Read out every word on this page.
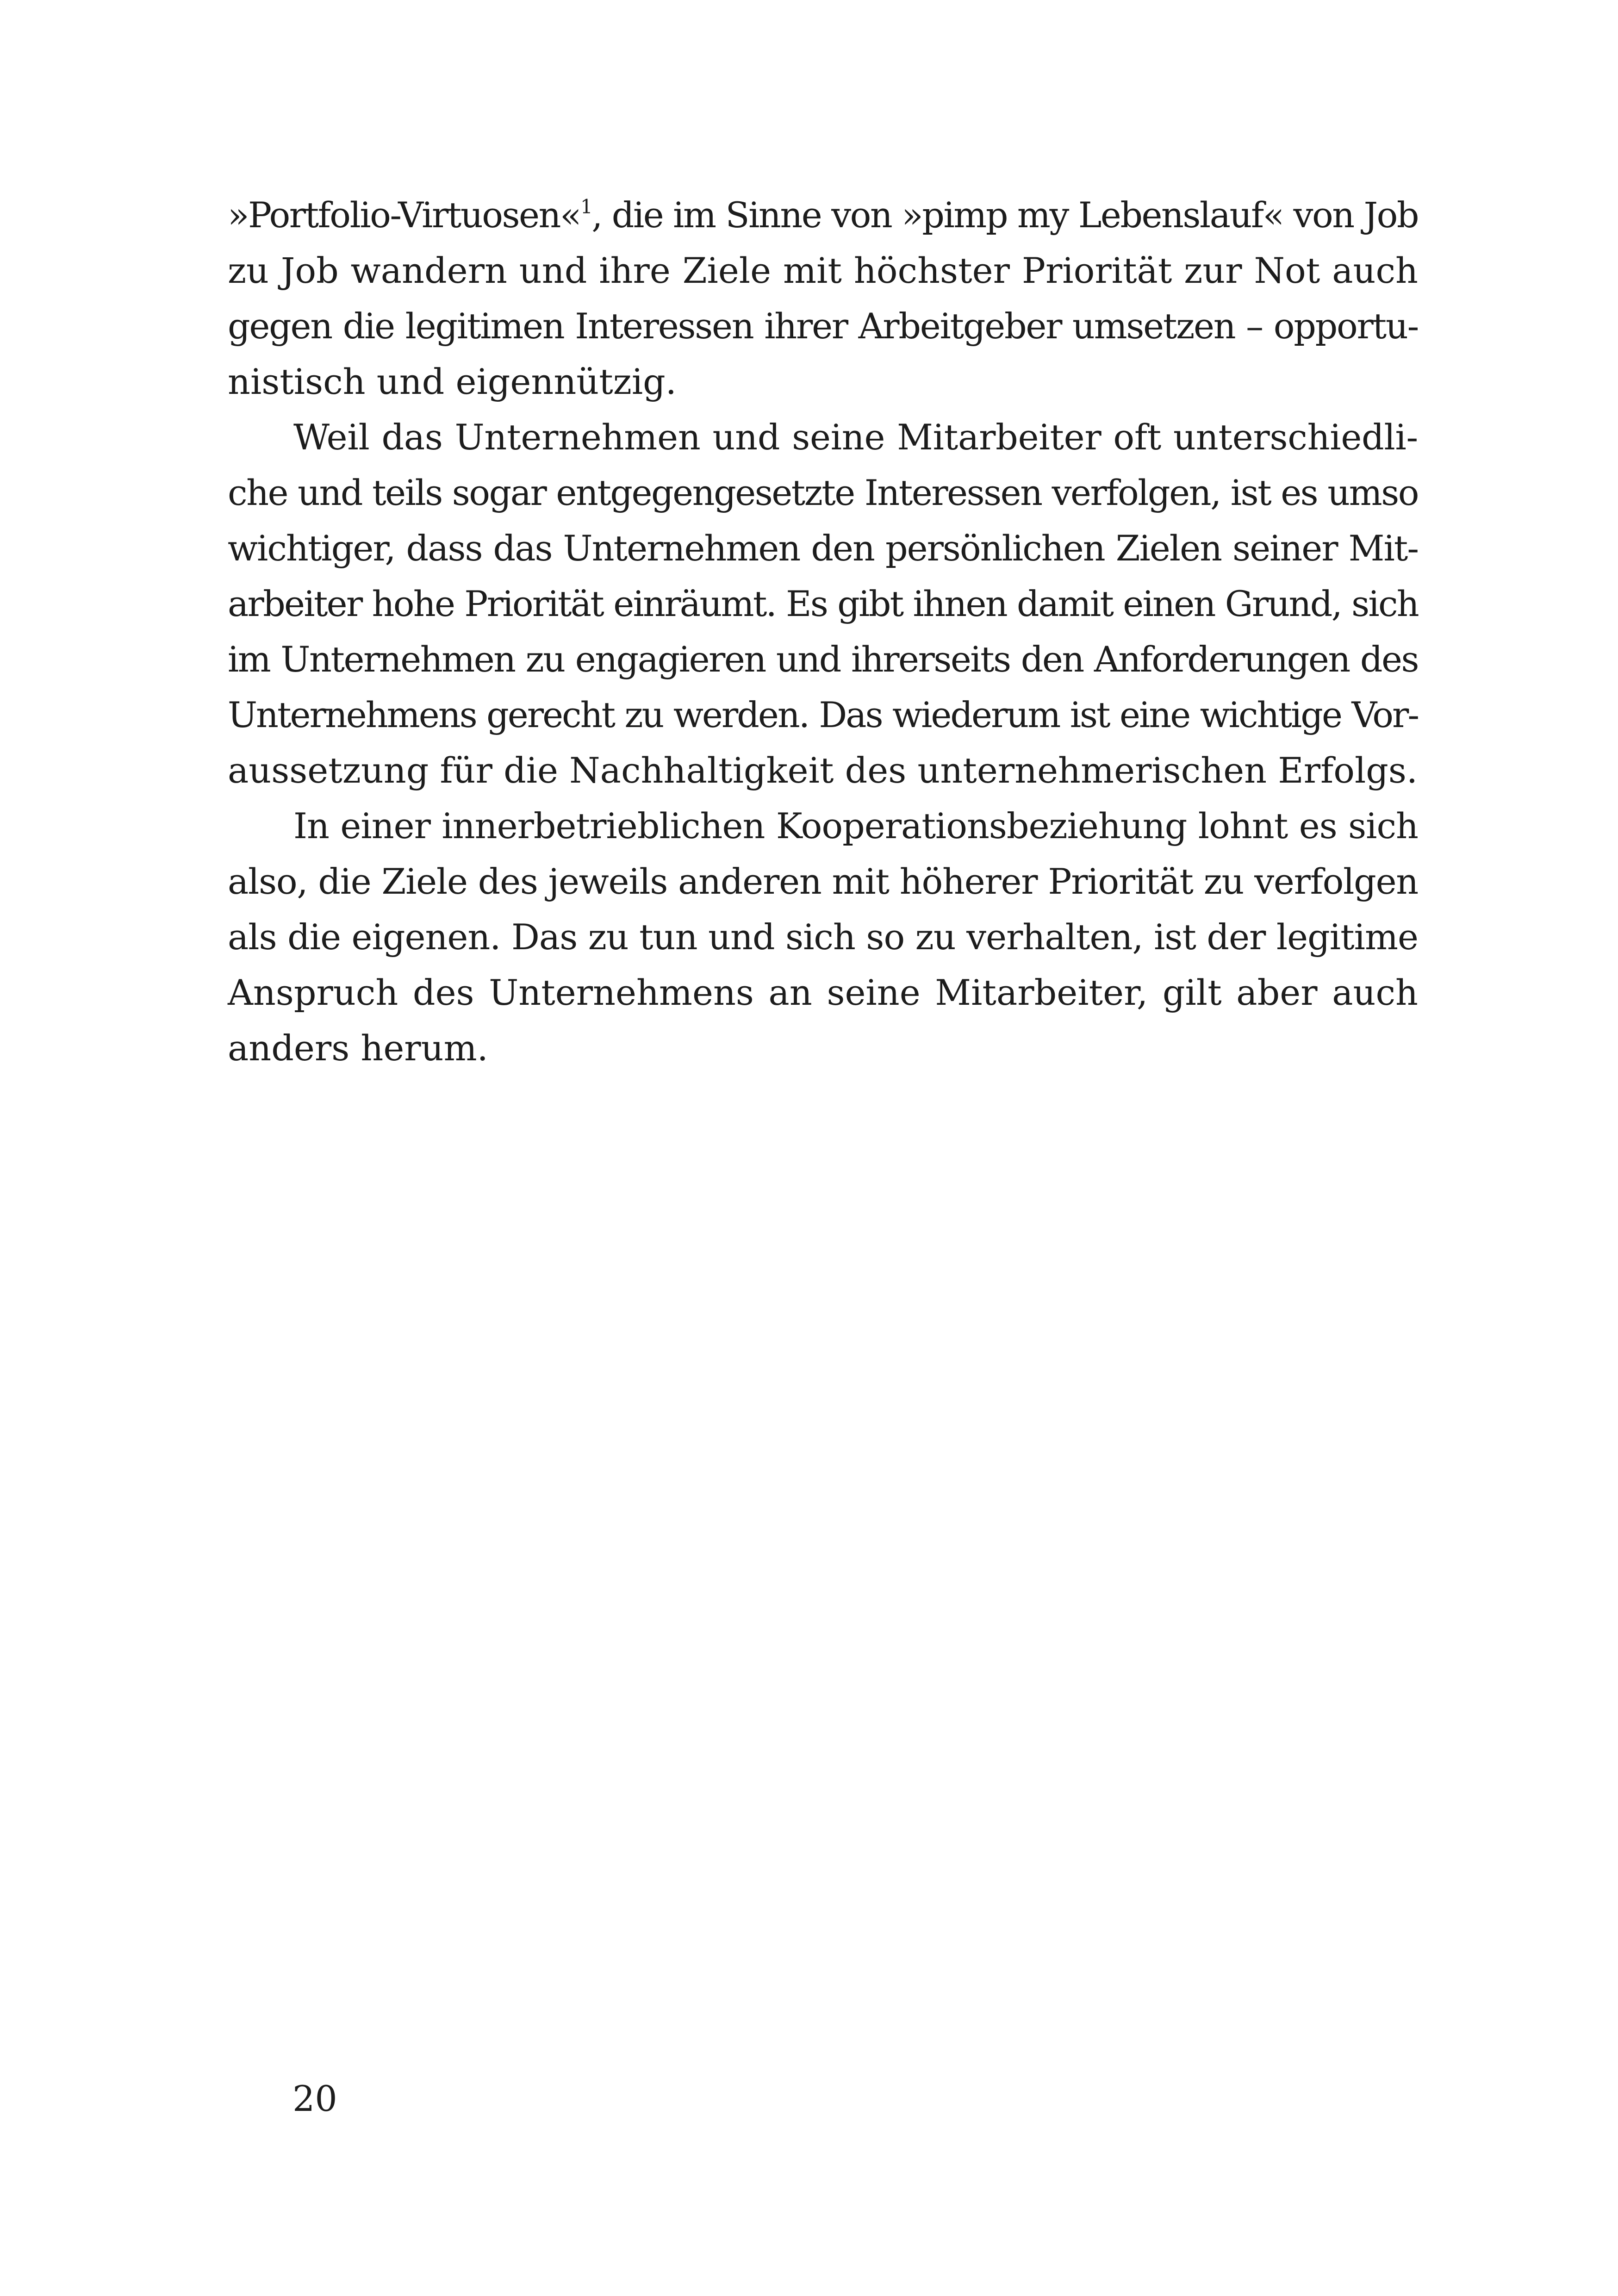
»Portfolio-Virtuosen«$^1$, die im Sinne von »pimp my Lebenslauf« von Job
zu Job wandern und ihre Ziele mit höchster Priorität zur Not auch
gegen die legitimen Interessen ihrer Arbeitgeber umsetzen – opportu-
nistisch und eigennützig.
Weil das Unternehmen und seine Mitarbeiter oft unterschiedli-
che und teils sogar entgegengesetzte Interessen verfolgen, ist es umso
wichtiger, dass das Unternehmen den persönlichen Zielen seiner Mit-
arbeiter hohe Priorität einräumt. Es gibt ihnen damit einen Grund, sich
im Unternehmen zu engagieren und ihrerseits den Anforderungen des
Unternehmens gerecht zu werden. Das wiederum ist eine wichtige Vor-
aussetzung für die Nachhaltigkeit des unternehmerischen Erfolgs.
In einer innerbetrieblichen Kooperationsbeziehung lohnt es sich
also, die Ziele des jeweils anderen mit höherer Priorität zu verfolgen
als die eigenen. Das zu tun und sich so zu verhalten, ist der legitime
Anspruch des Unternehmens an seine Mitarbeiter, gilt aber auch
anders herum.
20
